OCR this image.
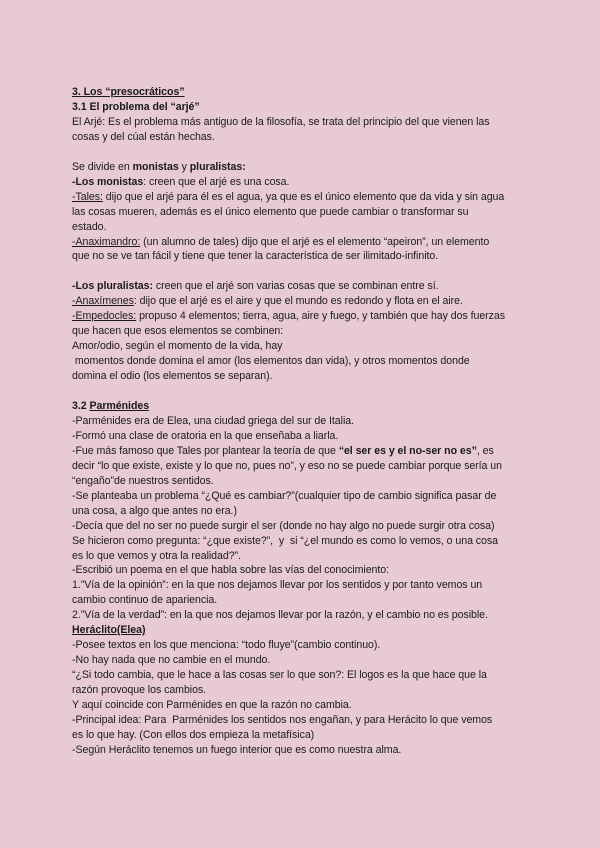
3. Los “presocráticos”
3.1 El problema del “arjé”
El Arjé: Es el problema más antiguo de la filosofía, se trata del principio del que vienen las
cosas y del cúal están hechas.
Se divide en monistas y pluralistas:
-Los monistas: creen que el arjé es una cosa.
-Tales: dijo que el arjé para él es el agua, ya que es el único elemento que da vida y sin agua
las cosas mueren, además es el único elemento que puede cambiar o transformar su
estado.
-Anaximandro: (un alumno de tales) dijo que el arjé es el elemento “apeiron”, un elemento
que no se ve tan fácil y tiene que tener la característica de ser ilimitado-infinito.
-Los pluralistas: creen que el arjé son varias cosas que se combinan entre sí.
-Anaxímenes: dijo que el arjé es el aire y que el mundo es redondo y flota en el aire.
-Empedocles: propuso 4 elementos; tierra, agua, aire y fuego, y también que hay dos fuerzas
que hacen que esos elementos se combinen:
Amor/odio, según el momento de la vida, hay
momentos donde domina el amor (los elementos dan vida), y otros momentos donde
domina el odio (los elementos se separan).
3.2 Parménides
-Parménides era de Elea, una ciudad griega del sur de Italia.
-Formó una clase de oratoria en la que enseñaba a liarla.
-Fue más famoso que Tales por plantear la teoría de que “el ser es y el no-ser no es”, es
decir “lo que existe, existe y lo que no, pues no”, y eso no se puede cambiar porque sería un
“engaño”de nuestros sentidos.
-Se planteaba un problema “¿Qué es cambiar?”(cualquier tipo de cambio significa pasar de
una cosa, a algo que antes no era.)
-Decía que del no ser no puede surgir el ser (donde no hay algo no puede surgir otra cosa)
Se hicieron como pregunta: “¿que existe?”,  y  si “¿el mundo es como lo vemos, o una cosa
es lo que vemos y otra la realidad?”.
-Escribió un poema en el que habla sobre las vías del conocimiento:
1.”Vía de la opinión”: en la que nos dejamos llevar por los sentidos y por tanto vemos un
cambio continuo de apariencia.
2.”Vía de la verdad”: en la que nos dejamos llevar por la razón, y el cambio no es posible.
Heráclito(Elea)
-Posee textos en los que menciona: “todo fluye”(cambio continuo).
-No hay nada que no cambie en el mundo.
“¿Si todo cambia, que le hace a las cosas ser lo que son?: El logos es la que hace que la
razón provoque los cambios.
Y aquí coincide con Parménides en que la razón no cambia.
-Principal idea: Para  Parménides los sentidos nos engañan, y para Herácito lo que vemos
es lo que hay. (Con ellos dos empieza la metafísica)
-Según Heráclito tenemos un fuego interior que es como nuestra alma.
